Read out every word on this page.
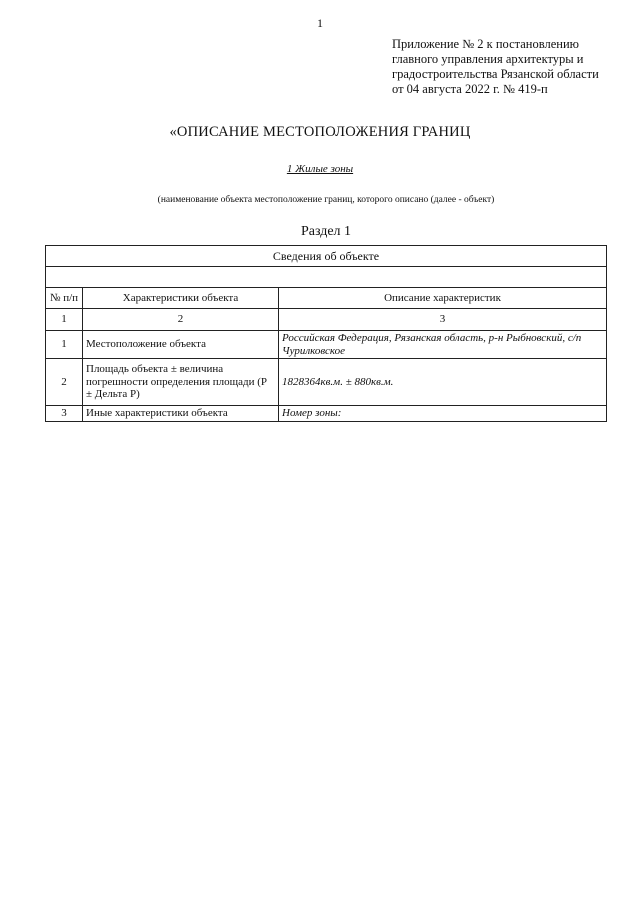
1
Приложение № 2 к постановлению
главного управления архитектуры и
градостроительства Рязанской области
от 04 августа 2022 г. № 419-п
«ОПИСАНИЕ МЕСТОПОЛОЖЕНИЯ ГРАНИЦ
1 Жилые зоны
(наименование объекта местоположение границ, которого описано (далее - объект)
Раздел 1
Сведения об объекте		

№ п/п	Характеристики объекта	Описание характеристик
1	2	3
1	Местоположение объекта	Российская Федерация, Рязанская область, р-н Рыбновский, с/п Чурилковское
2	Площадь объекта ± величина погрешности определения площади (Р ± Дельта Р)	1828364кв.м. ± 880кв.м.
3	Иные характеристики объекта	Номер зоны:
